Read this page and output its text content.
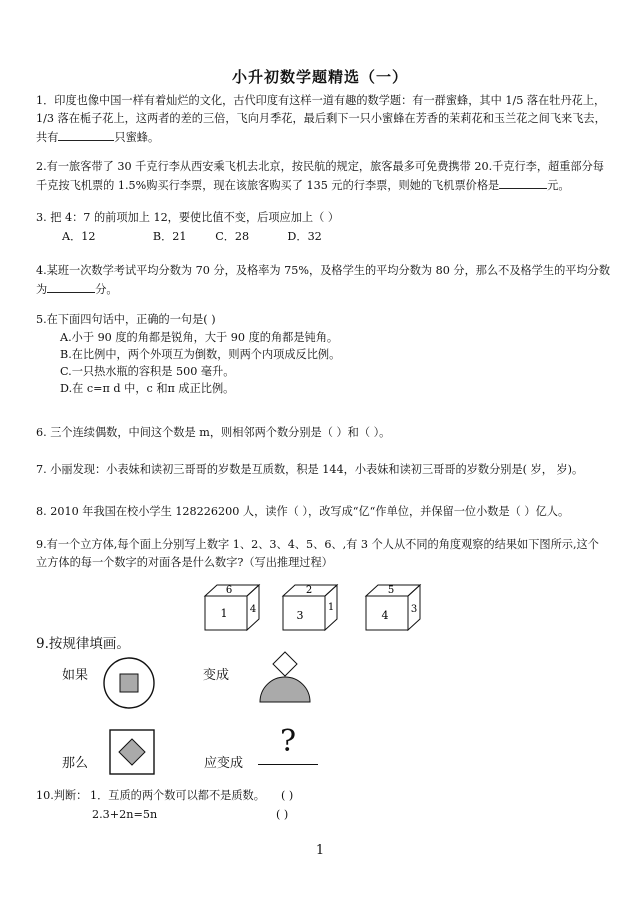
小升初数学题精选（一）
1．印度也像中国一样有着灿烂的文化，古代印度有这样一道有趣的数学题：有一群蜜蜂，其中 1/5 落在牡丹花上，
1/3 落在栀子花上，这两者的差的三倍，飞向月季花，最后剩下一只小蜜蜂在芳香的茉莉花和玉兰花之间飞来飞去，
共有	只蜜蜂。
2.有一旅客带了 30 千克行李从西安乘飞机去北京，按民航的规定，旅客最多可免费携带 20.千克行李，超重部分每
千克按飞机票的 1.5%购买行李票，现在该旅客购买了 135 元的行李票，则她的飞机票价格是	元。
3. 把 4：7 的前项加上 12，要使比值不变，后项应加上（ ）
A．12	B．21	C．28	D．32
4.某班一次数学考试平均分数为 70 分，及格率为 75%，及格学生的平均分数为 80 分，那么不及格学生的平均分数
为	分。
5.在下面四句话中，正确的一句是( )
A.小于 90 度的角都是锐角，大于 90 度的角都是钝角。
B.在比例中，两个外项互为倒数，则两个内项成反比例。
C.一只热水瓶的容积是 500 毫升。
D.在 c=π d 中，c 和π 成正比例。
6. 三个连续偶数，中间这个数是 m，则相邻两个数分别是（ ）和（ ）。
7. 小丽发现：小表妹和读初三哥哥的岁数是互质数，积是 144，小表妹和读初三哥哥的岁数分别是( 岁， 岁)。
8. 2010 年我国在校小学生 128226200 人，读作（ ），改写成“亿“作单位，并保留一位小数是（ ）亿人。
9.有一个立方体,每个面上分别写上数字 1、2、3、4、5、6、,有 3 个人从不同的角度观察的结果如下图所示,这个
立方体的每一个数字的对面各是什么数字?（写出推理过程）
6
1 4
2
3
1
5
4 3
9.按规律填画。
如果	变成
那么	应变成
?
10.判断： 1．互质的两个数可以都不是质数。 ( )
2.3+2n=5n	( )
1
